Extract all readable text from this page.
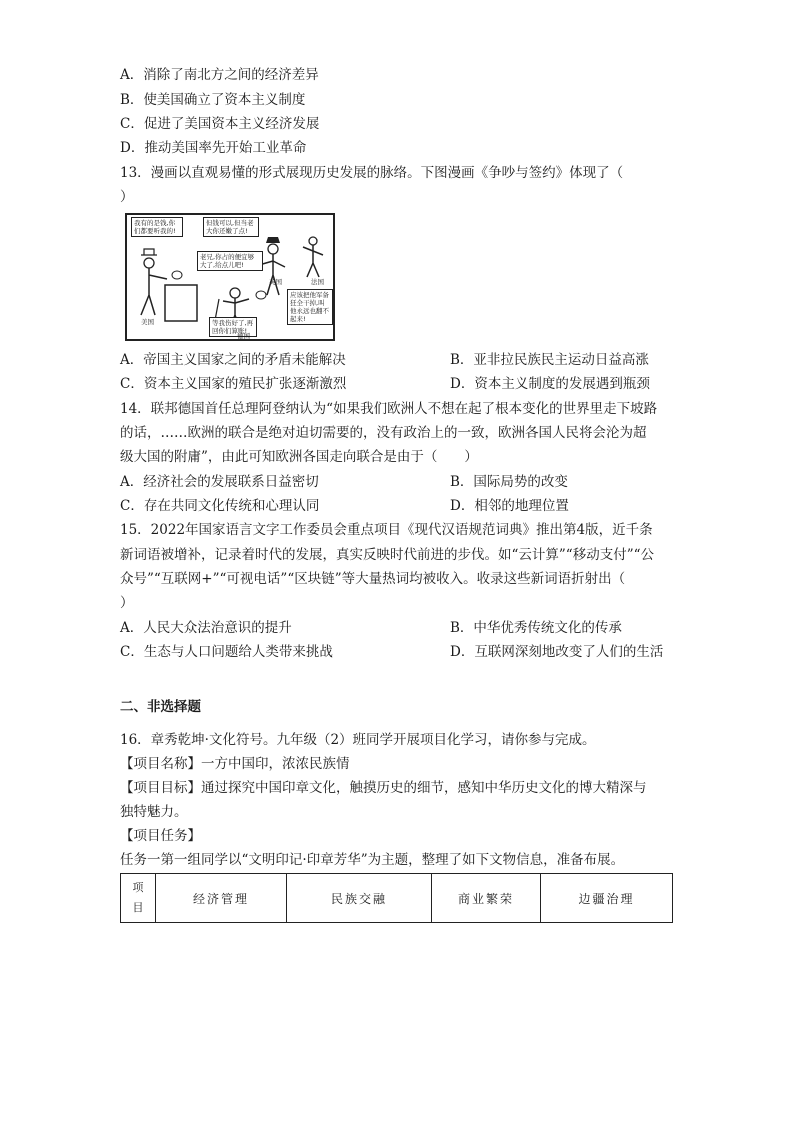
A．消除了南北方之间的经济差异
B．使美国确立了资本主义制度
C．促进了美国资本主义经济发展
D．推动美国率先开始工业革命
13．漫画以直观易懂的形式展现历史发展的脉络。下图漫画《争吵与签约》体现了（
）
我有的是钱,你们都要听我的!
但钱可以,但当老大你还嫩了点!
老兄,你占的便宜够大了,给点儿吧!
等我伤好了,再回你们算账!
应该把他军备狂全干掉,叫他永远也翻不起来!
美国
英国	法国
德国
A．帝国主义国家之间的矛盾未能解决	B．亚非拉民族民主运动日益高涨
C．资本主义国家的殖民扩张逐渐激烈	D．资本主义制度的发展遇到瓶颈
14．联邦德国首任总理阿登纳认为“如果我们欧洲人不想在起了根本变化的世界里走下坡路
的话，……欧洲的联合是绝对迫切需要的，没有政治上的一致，欧洲各国人民将会沦为超
级大国的附庸”，由此可知欧洲各国走向联合是由于（　　）
A．经济社会的发展联系日益密切	B．国际局势的改变
C．存在共同文化传统和心理认同	D．相邻的地理位置
15．2022年国家语言文字工作委员会重点项目《现代汉语规范词典》推出第4版，近千条
新词语被增补，记录着时代的发展，真实反映时代前进的步伐。如“云计算”“移动支付”“公
众号”“互联网+”“可视电话”“区块链”等大量热词均被收入。收录这些新词语折射出（
）
A．人民大众法治意识的提升	B．中华优秀传统文化的传承
C．生态与人口问题给人类带来挑战	D．互联网深刻地改变了人们的生活
二、非选择题
16．章秀乾坤·文化符号。九年级（2）班同学开展项目化学习，请你参与完成。
【项目名称】一方中国印，浓浓民族情
【项目目标】通过探究中国印章文化，触摸历史的细节，感知中华历史文化的博大精深与
独特魅力。
【项目任务】
任务一第一组同学以“文明印记·印章芳华”为主题，整理了如下文物信息，准备布展。
项
目	经济管理	民族交融	商业繁荣	边疆治理
